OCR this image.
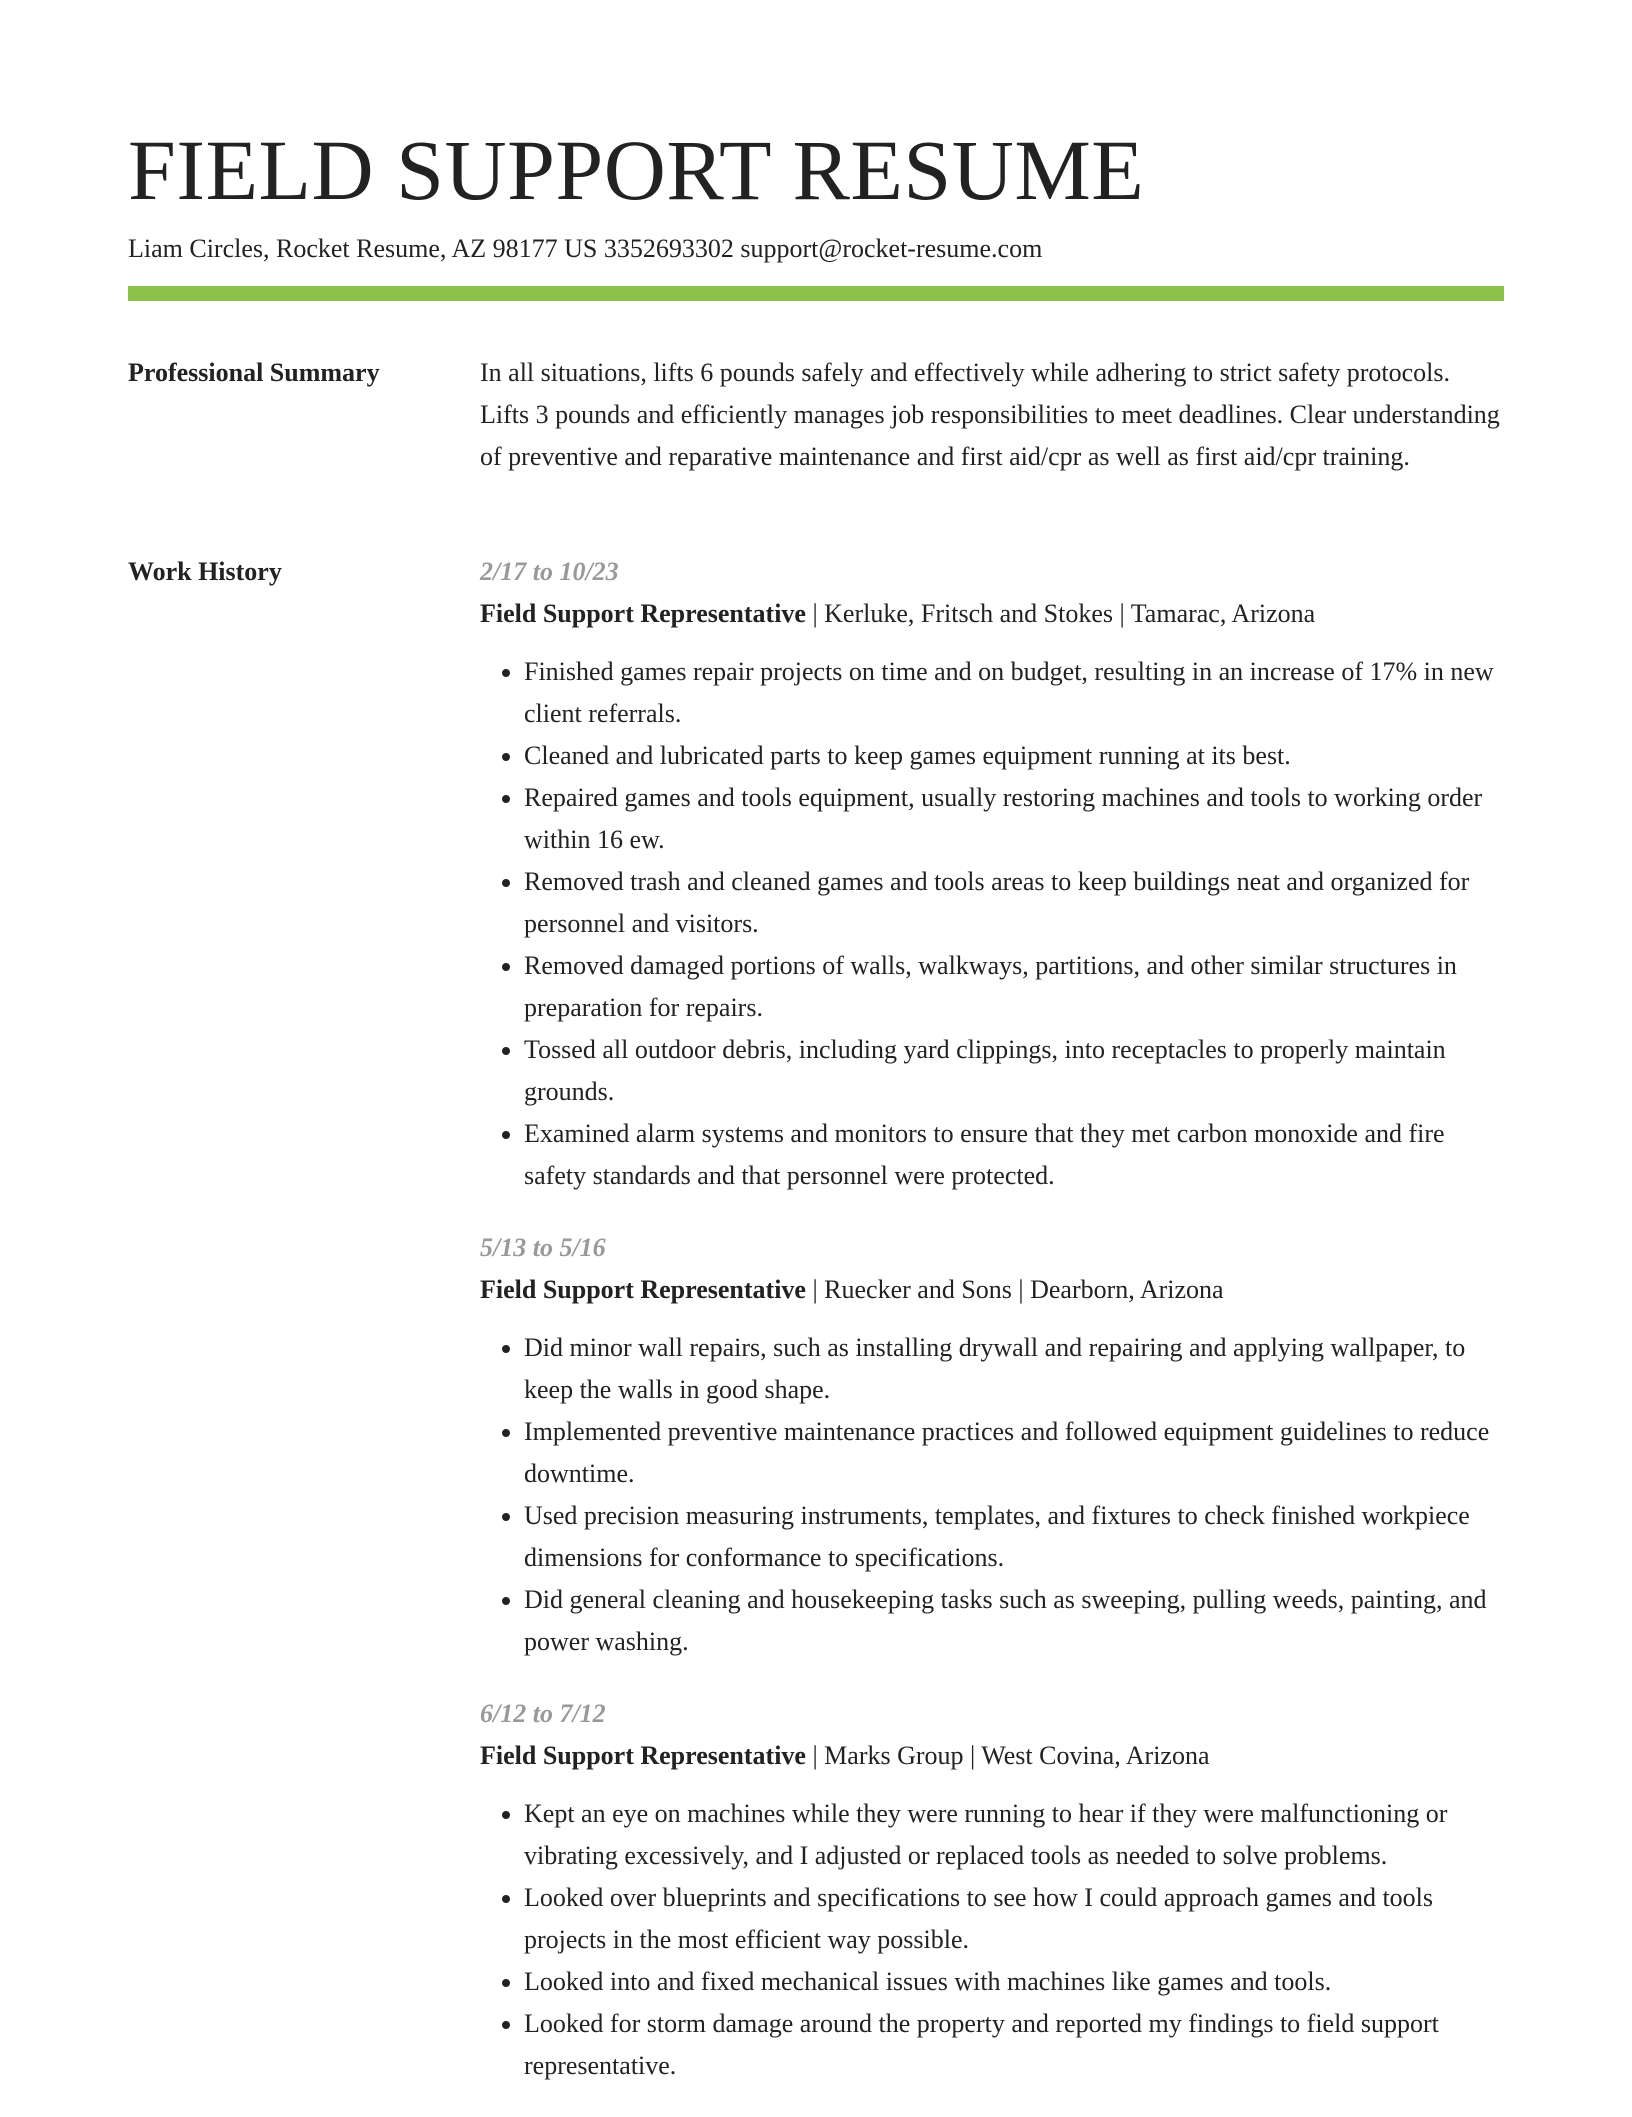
FIELD SUPPORT RESUME
Liam Circles, Rocket Resume, AZ 98177 US 3352693302 support@rocket-resume.com
Professional Summary	In all situations, lifts 6 pounds safely and effectively while adhering to strict safety protocols. Lifts 3 pounds and efficiently manages job responsibilities to meet deadlines. Clear understanding of preventive and reparative maintenance and first aid/cpr as well as first aid/cpr training.

Work History	2/17 to 10/23
Field Support Representative | Kerluke, Fritsch and Stokes | Tamarac, Arizona
• Finished games repair projects on time and on budget, resulting in an increase of 17% in new client referrals.
• Cleaned and lubricated parts to keep games equipment running at its best.
• Repaired games and tools equipment, usually restoring machines and tools to working order within 16 ew.
• Removed trash and cleaned games and tools areas to keep buildings neat and organized for personnel and visitors.
• Removed damaged portions of walls, walkways, partitions, and other similar structures in preparation for repairs.
• Tossed all outdoor debris, including yard clippings, into receptacles to properly maintain grounds.
• Examined alarm systems and monitors to ensure that they met carbon monoxide and fire safety standards and that personnel were protected.
5/13 to 5/16
Field Support Representative | Ruecker and Sons | Dearborn, Arizona
• Did minor wall repairs, such as installing drywall and repairing and applying wallpaper, to keep the walls in good shape.
• Implemented preventive maintenance practices and followed equipment guidelines to reduce downtime.
• Used precision measuring instruments, templates, and fixtures to check finished workpiece dimensions for conformance to specifications.
• Did general cleaning and housekeeping tasks such as sweeping, pulling weeds, painting, and power washing.
6/12 to 7/12
Field Support Representative | Marks Group | West Covina, Arizona
• Kept an eye on machines while they were running to hear if they were malfunctioning or vibrating excessively, and I adjusted or replaced tools as needed to solve problems.
• Looked over blueprints and specifications to see how I could approach games and tools projects in the most efficient way possible.
• Looked into and fixed mechanical issues with machines like games and tools.
• Looked for storm damage around the property and reported my findings to field support representative.
